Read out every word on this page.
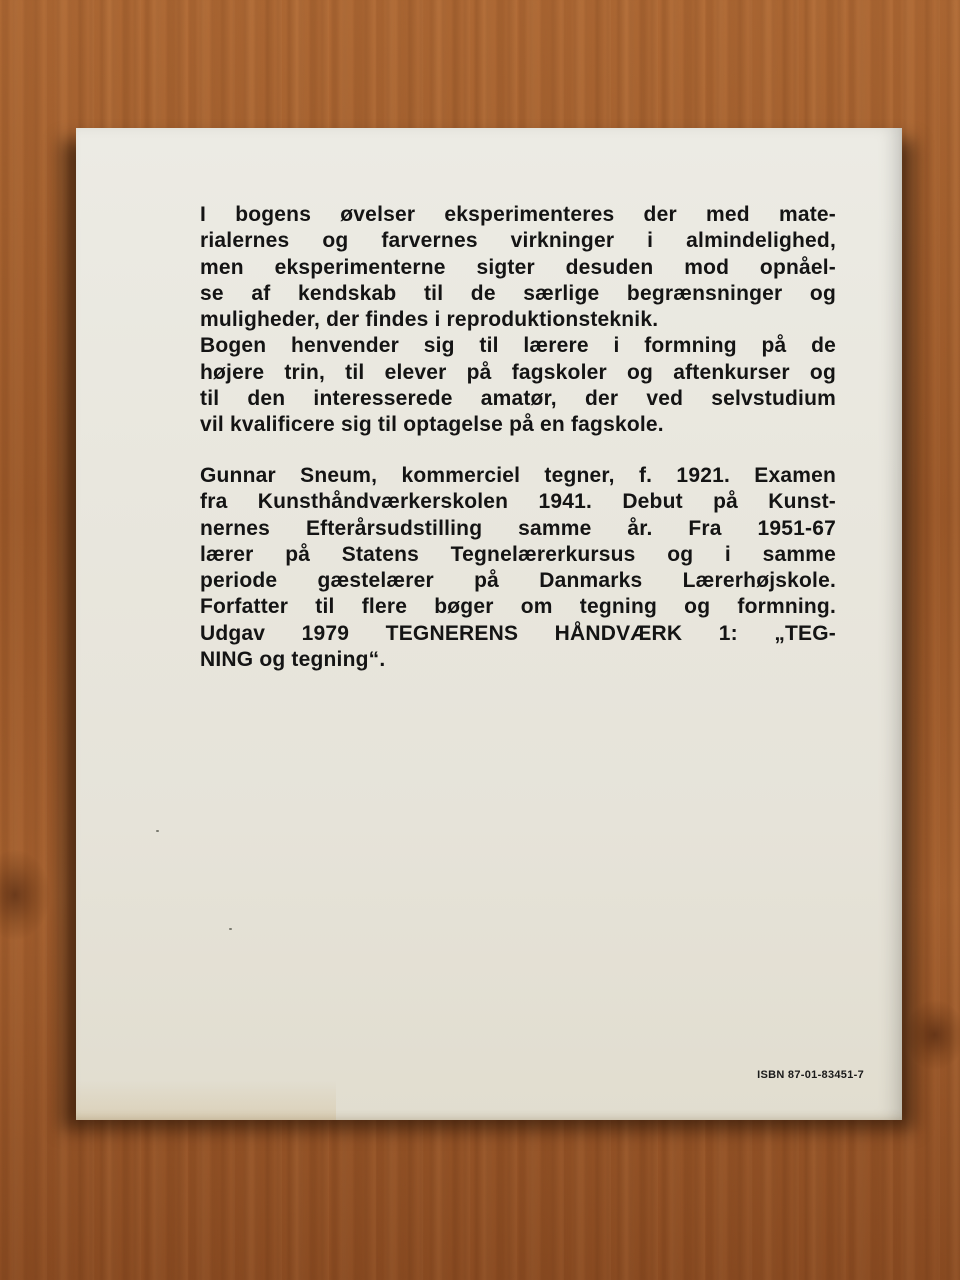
I bogens øvelser eksperimenteres der med mate-

rialernes og farvernes virkninger i almindelighed,

men eksperimenterne sigter desuden mod opnåel-

se af kendskab til de særlige begrænsninger og

muligheder, der findes i reproduktionsteknik.

Bogen henvender sig til lærere i formning på de

højere trin, til elever på fagskoler og aftenkurser og

til den interesserede amatør, der ved selvstudium

vil kvalificere sig til optagelse på en fagskole.

Gunnar Sneum, kommerciel tegner, f. 1921. Examen

fra Kunsthåndværkerskolen 1941. Debut på Kunst-

nernes Efterårsudstilling samme år. Fra 1951-67

lærer på Statens Tegnelærerkursus og i samme

periode gæstelærer på Danmarks Lærerhøjskole.

Forfatter til flere bøger om tegning og formning.

Udgav 1979 TEGNERENS HÅNDVÆRK 1: „TEG-

NING og tegning“.

ISBN 87-01-83451-7
